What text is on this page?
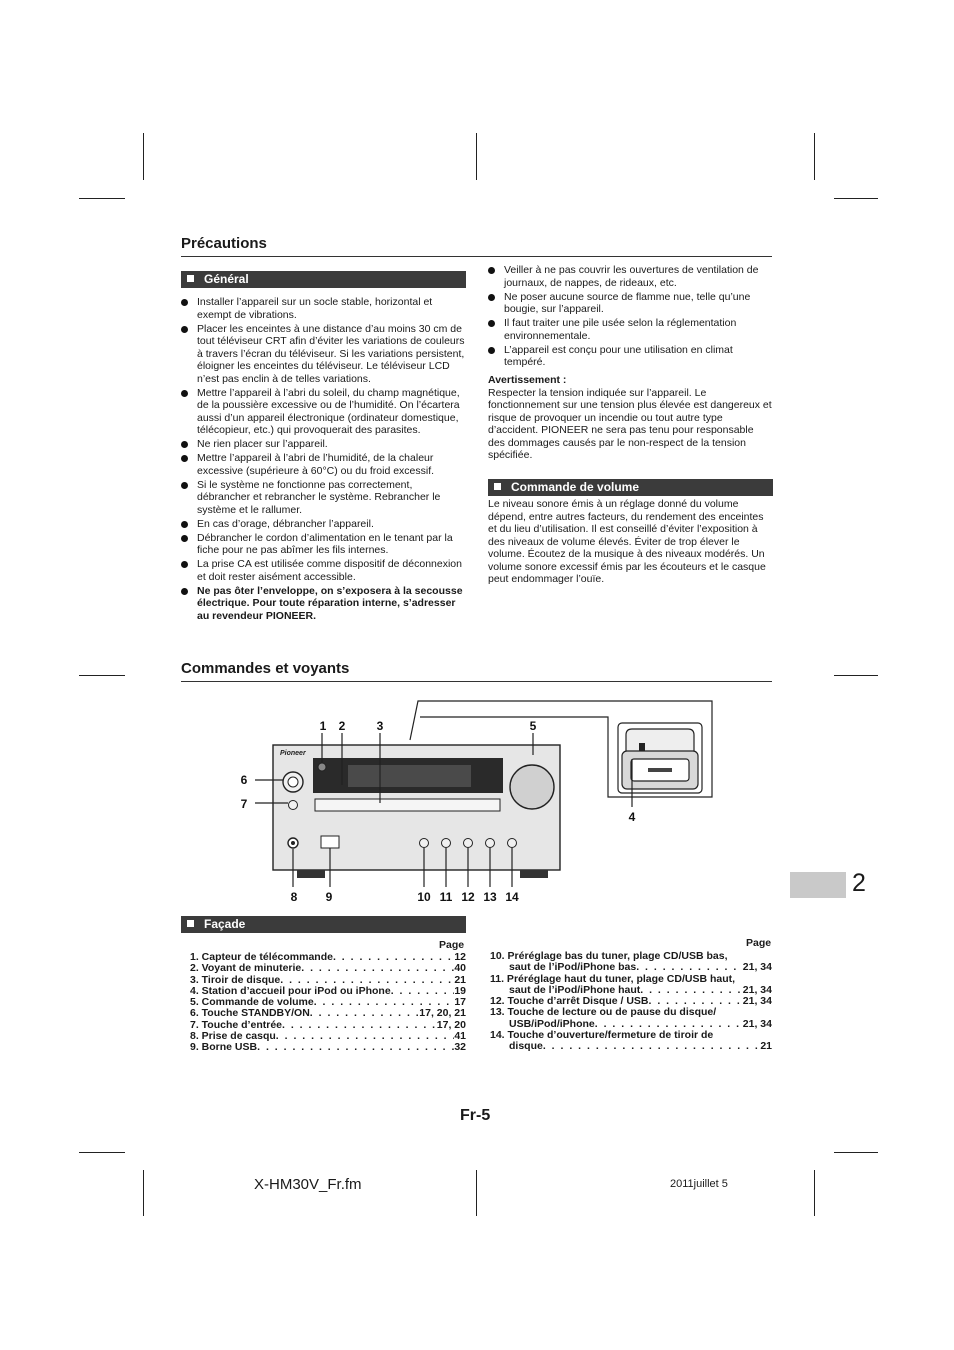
Précautions
Général
Installer l’appareil sur un socle stable, horizontal et exempt de vibrations.
Placer les enceintes à une distance d’au moins 30 cm de tout téléviseur CRT afin d’éviter les variations de couleurs à travers l’écran du téléviseur. Si les variations persistent, éloigner les enceintes du téléviseur. Le téléviseur LCD n’est pas enclin à de telles variations.
Mettre l’appareil à l’abri du soleil, du champ magnétique, de la poussière excessive ou de l’humidité. On l’écartera aussi d’un appareil électronique (ordinateur domestique, télécopieur, etc.) qui provoquerait des parasites.
Ne rien placer sur l’appareil.
Mettre l’appareil à l’abri de l’humidité, de la chaleur excessive (supérieure à 60°C) ou du froid excessif.
Si le système ne fonctionne pas correctement, débrancher et rebrancher le système. Rebrancher le système et le rallumer.
En cas d’orage, débrancher l’appareil.
Débrancher le cordon d’alimentation en le tenant par la fiche pour ne pas abîmer les fils internes.
La prise CA est utilisée comme dispositif de déconnexion et doit rester aisément accessible.
Ne pas ôter l’enveloppe, on s’exposera à la secousse électrique. Pour toute réparation interne, s’adresser au revendeur PIONEER.
Veiller à ne pas couvrir les ouvertures de ventilation de journaux, de nappes, de rideaux, etc.
Ne poser aucune source de flamme nue, telle qu’une bougie, sur l’appareil.
Il faut traiter une pile usée selon la réglementation environnementale.
L’appareil est conçu pour une utilisation en climat tempéré.
Avertissement :
Respecter la tension indiquée sur l’appareil. Le fonctionnement sur une tension plus élevée est dangereux et risque de provoquer un incendie ou tout autre type d’accident. PIONEER ne sera pas tenu pour responsable des dommages causés par le non-respect de la tension spécifiée.
Commande de volume
Le niveau sonore émis à un réglage donné du volume dépend, entre autres facteurs, du rendement des enceintes et du lieu d’utilisation. Il est conseillé d’éviter l’exposition à des niveaux de volume élevés. Éviter de trop élever le volume. Écoutez de la musique à des niveaux modérés. Un volume sonore excessif émis par les écouteurs et le casque peut endommager l’ouïe.
Commandes et voyants
Pioneer
1 2	3
4
5
6
7
8 9	10 11 12 13 14	2
Façade
Page
1. Capteur de télécommande . . .	12
2. Voyant de minuterie . . .	40
3. Tiroir de disque . . .	21
4. Station d’accueil pour iPod ou iPhone . . .	19
5. Commande de volume . . .	17
6. Touche STANDBY/ON . . .	17, 20, 21
7. Touche d’entrée . . .	17, 20
8. Prise de casqu . . .	41
9. Borne USB . . .	32
Page
10. Préréglage bas du tuner, plage CD/USB bas,
saut de l’iPod/iPhone bas . . .	21, 34
11. Préréglage haut du tuner, plage CD/USB haut,
saut de l’iPod/iPhone haut . . .	21, 34
12. Touche d’arrêt Disque / USB . . .	21, 34
13. Touche de lecture ou de pause du disque/
USB/iPod/iPhone . . .	21, 34
14. Touche d’ouverture/fermeture de tiroir de
disque . . .	21
Fr-5
X-HM30V_Fr.fm	2011juillet 5
